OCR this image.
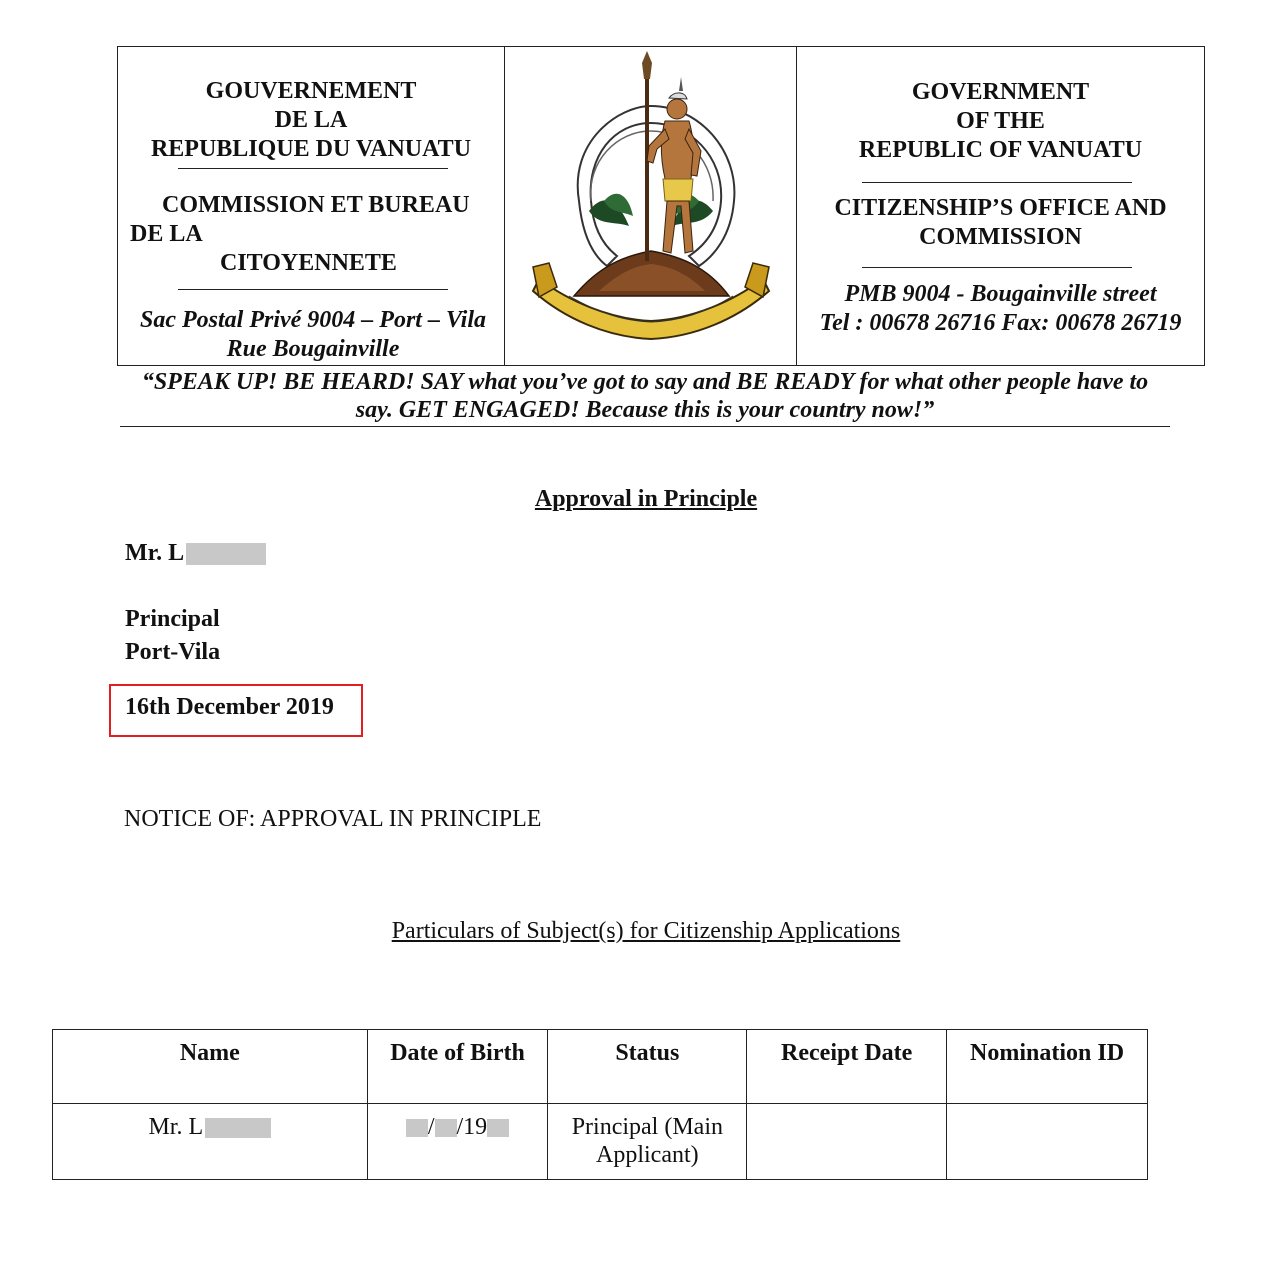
GOUVERNEMENT
DE LA
REPUBLIQUE DU VANUATU
COMMISSION ET BUREAU
DE LA
CITOYENNETE
Sac Postal Privé 9004 – Port – Vila
Rue Bougainville
GOVERNMENT
OF THE
REPUBLIC OF VANUATU
CITIZENSHIP’S OFFICE AND
COMMISSION
PMB 9004 - Bougainville street
Tel : 00678 26716 Fax: 00678 26719
“SPEAK UP! BE HEARD! SAY what you’ve got to say and BE READY for what other people have to
say. GET ENGAGED! Because this is your country now!”
Approval in Principle
Mr. L
Principal
Port-Vila
16th December 2019
NOTICE OF: APPROVAL IN PRINCIPLE
Particulars of Subject(s) for Citizenship Applications
Name	Date of Birth	Status	Receipt Date	Nomination ID
Mr. L	/ /19	Principal (Main
Applicant)		
